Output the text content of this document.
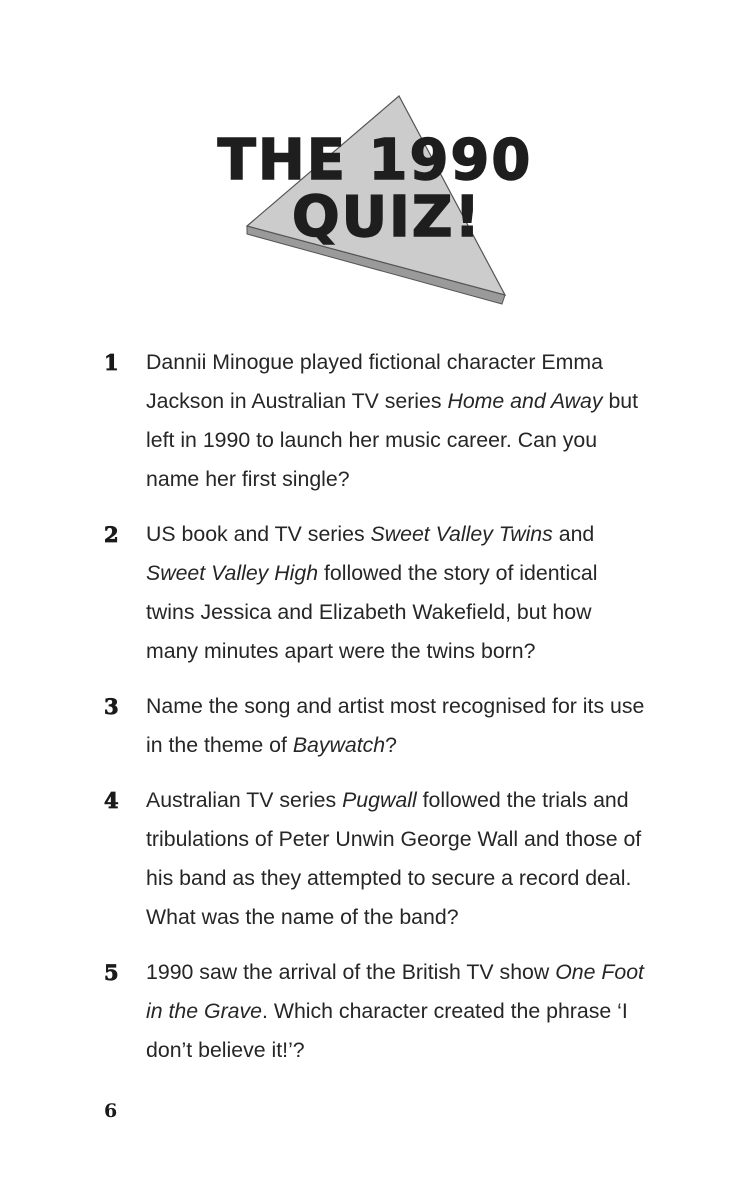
THE 1990
QUIZ!
1 Dannii Minogue played fictional character Emma Jackson in Australian TV series Home and Away but left in 1990 to launch her music career. Can you name her first single?
2 US book and TV series Sweet Valley Twins and Sweet Valley High followed the story of identical twins Jessica and Elizabeth Wakefield, but how many minutes apart were the twins born?
3 Name the song and artist most recognised for its use in the theme of Baywatch?
4 Australian TV series Pugwall followed the trials and tribulations of Peter Unwin George Wall and those of his band as they attempted to secure a record deal. What was the name of the band?
5 1990 saw the arrival of the British TV show One Foot in the Grave. Which character created the phrase ‘I don’t believe it!’?
6
